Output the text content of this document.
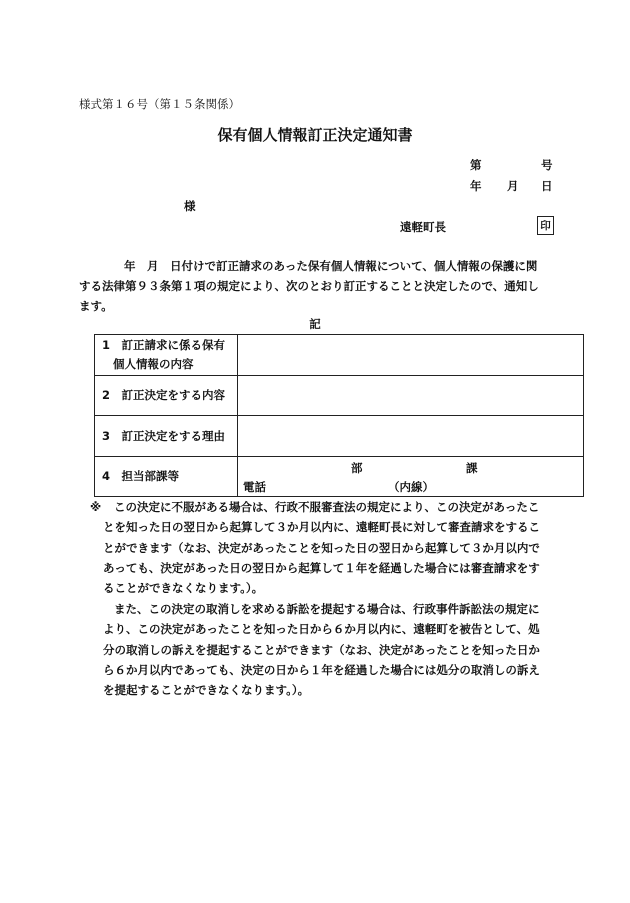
様式第１６号（第１５条関係）
保有個人情報訂正決定通知書
第	号
年 月 日
様
遠軽町長	印
年　月　日付けで訂正請求のあった保有個人情報について、個人情報の保護に関
する法律第９３条第１項の規定により、次のとおり訂正することと決定したので、通知し
ます。
記
1　訂正請求に係る保有
個人情報の内容	

2　訂正決定をする内容	

3　訂正決定をする理由	

4　担当部課等	部 課
電話 （内線）
※ この決定に不服がある場合は、行政不服審査法の規定により、この決定があったこ
とを知った日の翌日から起算して３か月以内に、遠軽町長に対して審査請求をするこ
とができます（なお、決定があったことを知った日の翌日から起算して３か月以内で
あっても、決定があった日の翌日から起算して１年を経過した場合には審査請求をす
ることができなくなります。）。
また、この決定の取消しを求める訴訟を提起する場合は、行政事件訴訟法の規定に
より、この決定があったことを知った日から６か月以内に、遠軽町を被告として、処
分の取消しの訴えを提起することができます（なお、決定があったことを知った日か
ら６か月以内であっても、決定の日から１年を経過した場合には処分の取消しの訴え
を提起することができなくなります。）。
